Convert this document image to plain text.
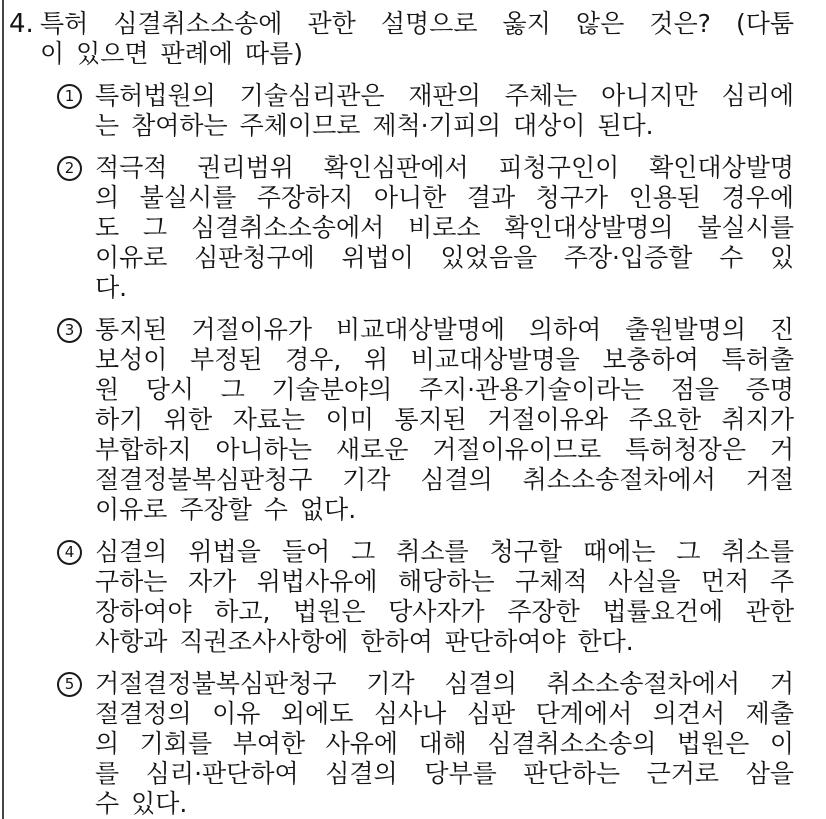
4. 특허 심결취소소송에 관한 설명으로 옳지 않은 것은? (다툼
이 있으면 판례에 따름)
1 특허법원의 기술심리관은 재판의 주체는 아니지만 심리에
는 참여하는 주체이므로 제척·기피의 대상이 된다.
2 적극적 권리범위 확인심판에서 피청구인이 확인대상발명
의 불실시를 주장하지 아니한 결과 청구가 인용된 경우에
도 그 심결취소소송에서 비로소 확인대상발명의 불실시를
이유로 심판청구에 위법이 있었음을 주장·입증할 수 있
다.
3 통지된 거절이유가 비교대상발명에 의하여 출원발명의 진
보성이 부정된 경우, 위 비교대상발명을 보충하여 특허출
원 당시 그 기술분야의 주지·관용기술이라는 점을 증명
하기 위한 자료는 이미 통지된 거절이유와 주요한 취지가
부합하지 아니하는 새로운 거절이유이므로 특허청장은 거
절결정불복심판청구 기각 심결의 취소소송절차에서 거절
이유로 주장할 수 없다.
4 심결의 위법을 들어 그 취소를 청구할 때에는 그 취소를
구하는 자가 위법사유에 해당하는 구체적 사실을 먼저 주
장하여야 하고, 법원은 당사자가 주장한 법률요건에 관한
사항과 직권조사사항에 한하여 판단하여야 한다.
5 거절결정불복심판청구 기각 심결의 취소소송절차에서 거
절결정의 이유 외에도 심사나 심판 단계에서 의견서 제출
의 기회를 부여한 사유에 대해 심결취소소송의 법원은 이
를 심리·판단하여 심결의 당부를 판단하는 근거로 삼을
수 있다.
